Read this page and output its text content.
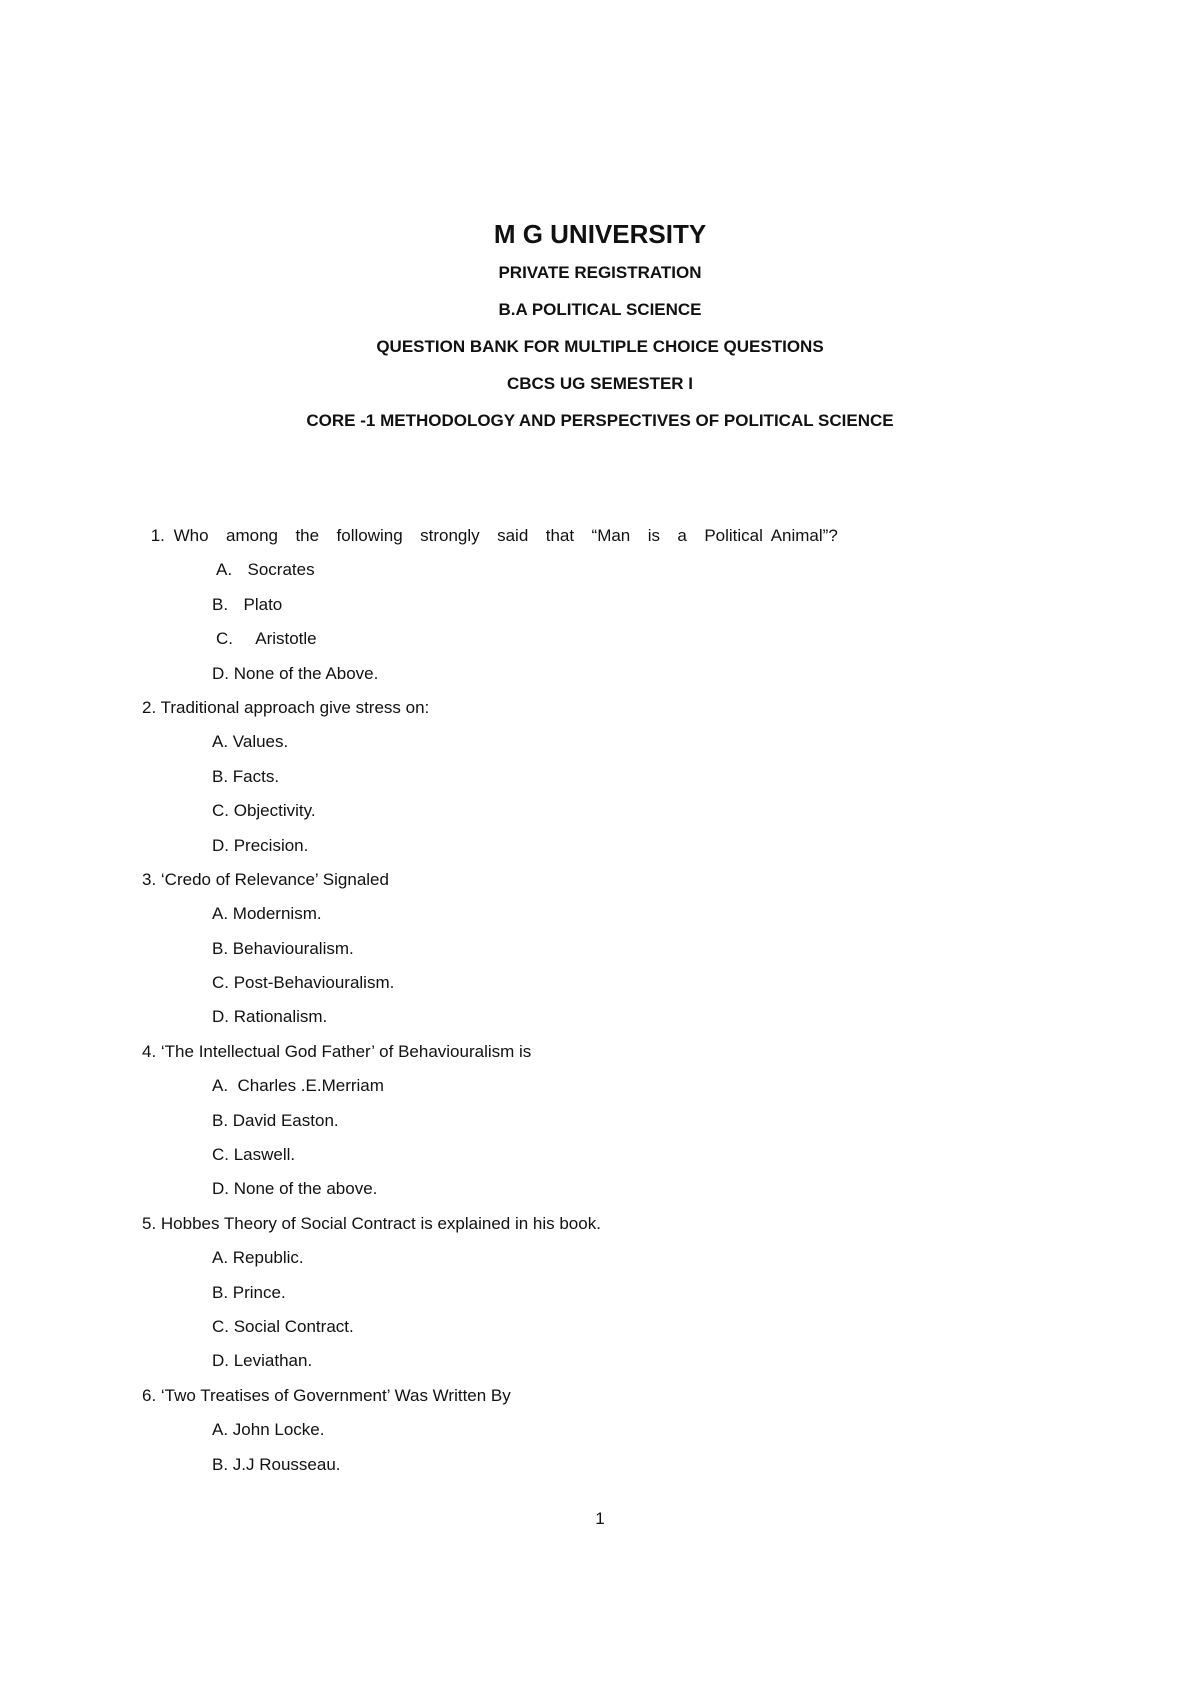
M G UNIVERSITY
PRIVATE REGISTRATION
B.A POLITICAL SCIENCE
QUESTION BANK FOR MULTIPLE CHOICE QUESTIONS
CBCS UG SEMESTER I
CORE -1 METHODOLOGY AND PERSPECTIVES OF POLITICAL SCIENCE
1. Who  among  the  following  strongly  said  that  “Man  is  a  Political Animal”?
A.  Socrates
B.  Plato
C.   Aristotle
D. None of the Above.
2. Traditional approach give stress on:
A. Values.
B. Facts.
C. Objectivity.
D. Precision.
3. ‘Credo of Relevance’ Signaled
A. Modernism.
B. Behaviouralism.
C. Post-Behaviouralism.
D. Rationalism.
4. ‘The Intellectual God Father’ of Behaviouralism is
A.  Charles .E.Merriam
B. David Easton.
C. Laswell.
D. None of the above.
5. Hobbes Theory of Social Contract is explained in his book.
A. Republic.
B. Prince.
C. Social Contract.
D. Leviathan.
6. ‘Two Treatises of Government’ Was Written By
A. John Locke.
B. J.J Rousseau.
1
